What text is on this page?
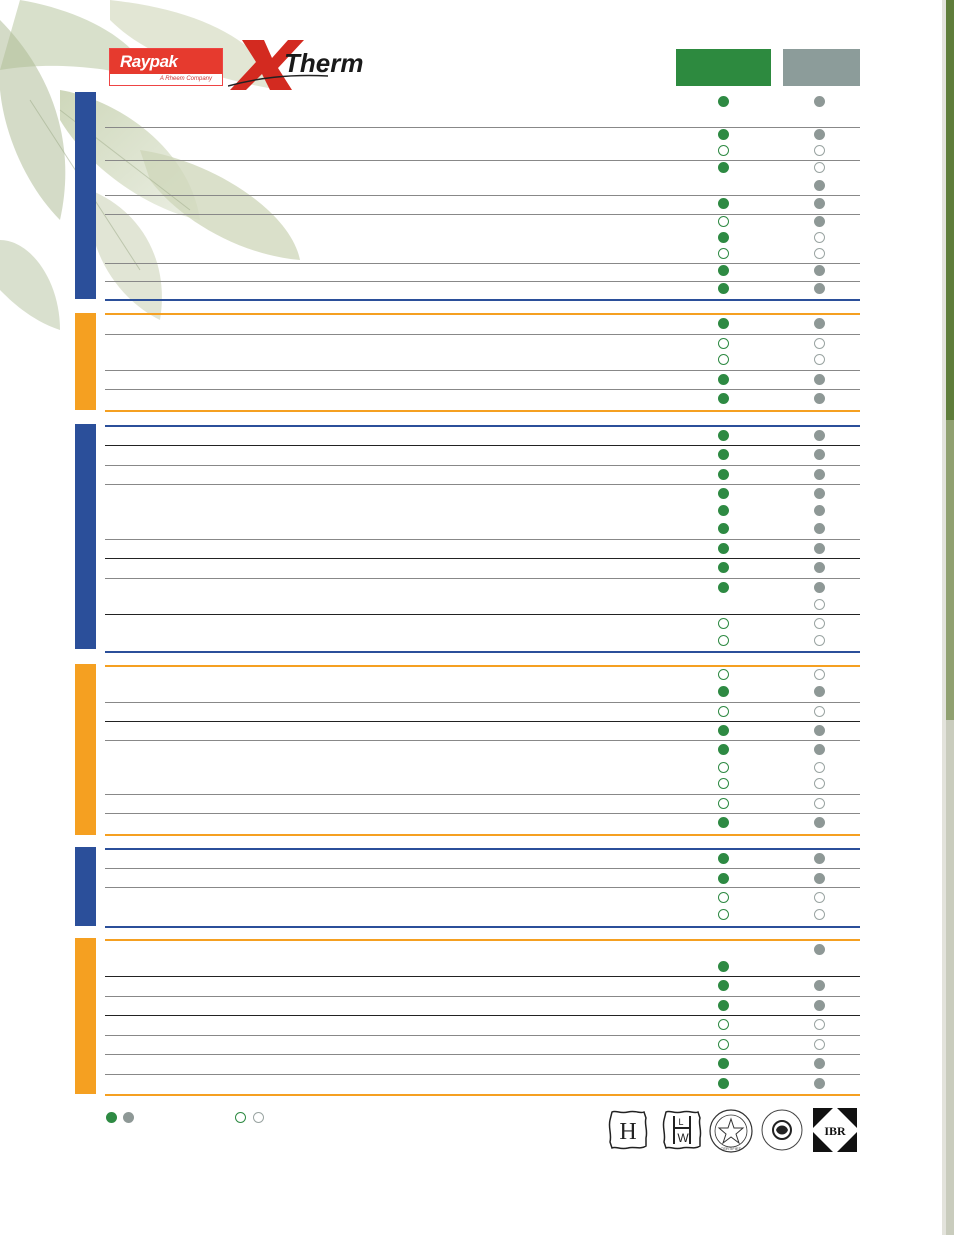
Raypak
A Rheem Company
Therm
H	W
L
CERTIFIED
IBR
